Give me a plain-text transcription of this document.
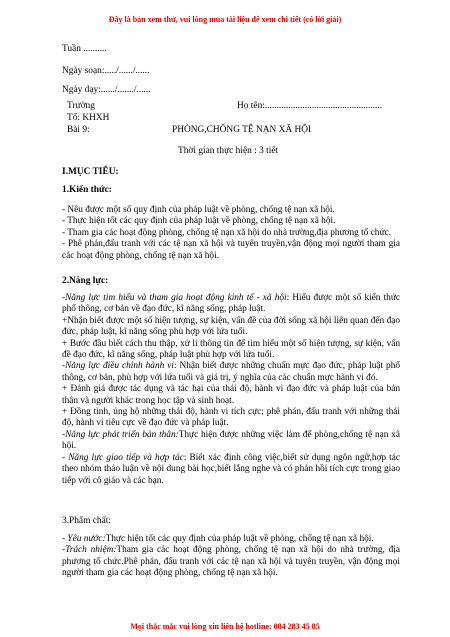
Đây là bản xem thử, vui lòng mua tài liệu để xem chi tiết (có lời giải)
Tuần ..........
Ngày soạn:...../....../......
Ngày dạy:....../......./......
Trường	Họ tên:..................................................
Tổ: KHXH
Bài 9:	PHÒNG,CHỐNG TỆ NẠN XÃ HỘI
Thời gian thực hiện : 3 tiết
I.MỤC TIÊU:
1.Kiến thức:
- Nêu được một số quy định của pháp luật về phòng, chống tệ nạn xã hội.
- Thực hiện tốt các quy định của pháp luật về phòng, chống tệ nạn xã hội.
- Tham gia các hoạt động phòng, chống tệ nạn xã hội do nhà trường,địa phương tổ chức.
- Phê phán,đấu tranh với các tệ nạn xã hội và tuyên truyền,vận động mọi người tham gia các hoạt động phòng, chống tệ nạn xã hội.
2.Năng lực:
-Năng lực tìm hiểu và tham gia hoạt động kinh tế - xã hội: Hiểu được một số kiến thức phổ thông, cơ bản về đạo đức, kĩ năng sống, pháp luật.
+Nhận biết được một số hiện tượng, sự kiện, vấn đề của đời sống xã hội liên quan đến đạo đức, pháp luật, kĩ năng sống phù hợp với lứa tuổi.
+ Bước đầu biết cách thu thập, xử lí thông tin để tìm hiểu một số hiện tượng, sự kiện, vấn đề đạo đức, kĩ năng sống, pháp luật phù hợp với lứa tuổi.
-Năng lực điều chỉnh hành vi: Nhận biết được những chuẩn mực đạo đức, pháp luật phổ thông, cơ bản, phù hợp với lứa tuổi và giá trị, ý nghĩa của các chuẩn mực hành vi đó.
+ Đánh giá được tác dụng và tác hại của thái độ, hành vi đạo đức và pháp luật của bản thân và người khác trong học tập và sinh hoạt.
+ Đồng tình, ủng hộ những thái độ, hành vi tích cực; phê phán, đấu tranh với những thái độ, hành vi tiêu cực về đạo đức và pháp luật.
-Năng lực phát triển bản thân:Thực hiện được những việc làm để phòng,chống tệ nạn xã hội.
- Năng lực giao tiếp và hợp tác: Biết xác định công việc,biết sử dụng ngôn ngữ,hợp tác theo nhóm thảo luận về nội dung bài học,biết lắng nghe và có phản hồi tích cực trong giao tiếp với cô giáo và các bạn.
3.Phẩm chất:
- Yêu nước:Thực hiện tốt các quy định của pháp luật về phòng, chống tệ nạn xã hội.
-Trách nhiệm:Tham gia các hoạt động phòng, chống tệ nạn xã hội do nhà trường, địa phương tổ chức.Phê phán, đấu tranh với các tệ nạn xã hội và tuyên truyền, vận động mọi người tham gia các hoạt động phòng, chống tệ nạn xã hội.
Mọi thắc mắc vui lòng xin liên hệ hotline: 084 283 45 85
